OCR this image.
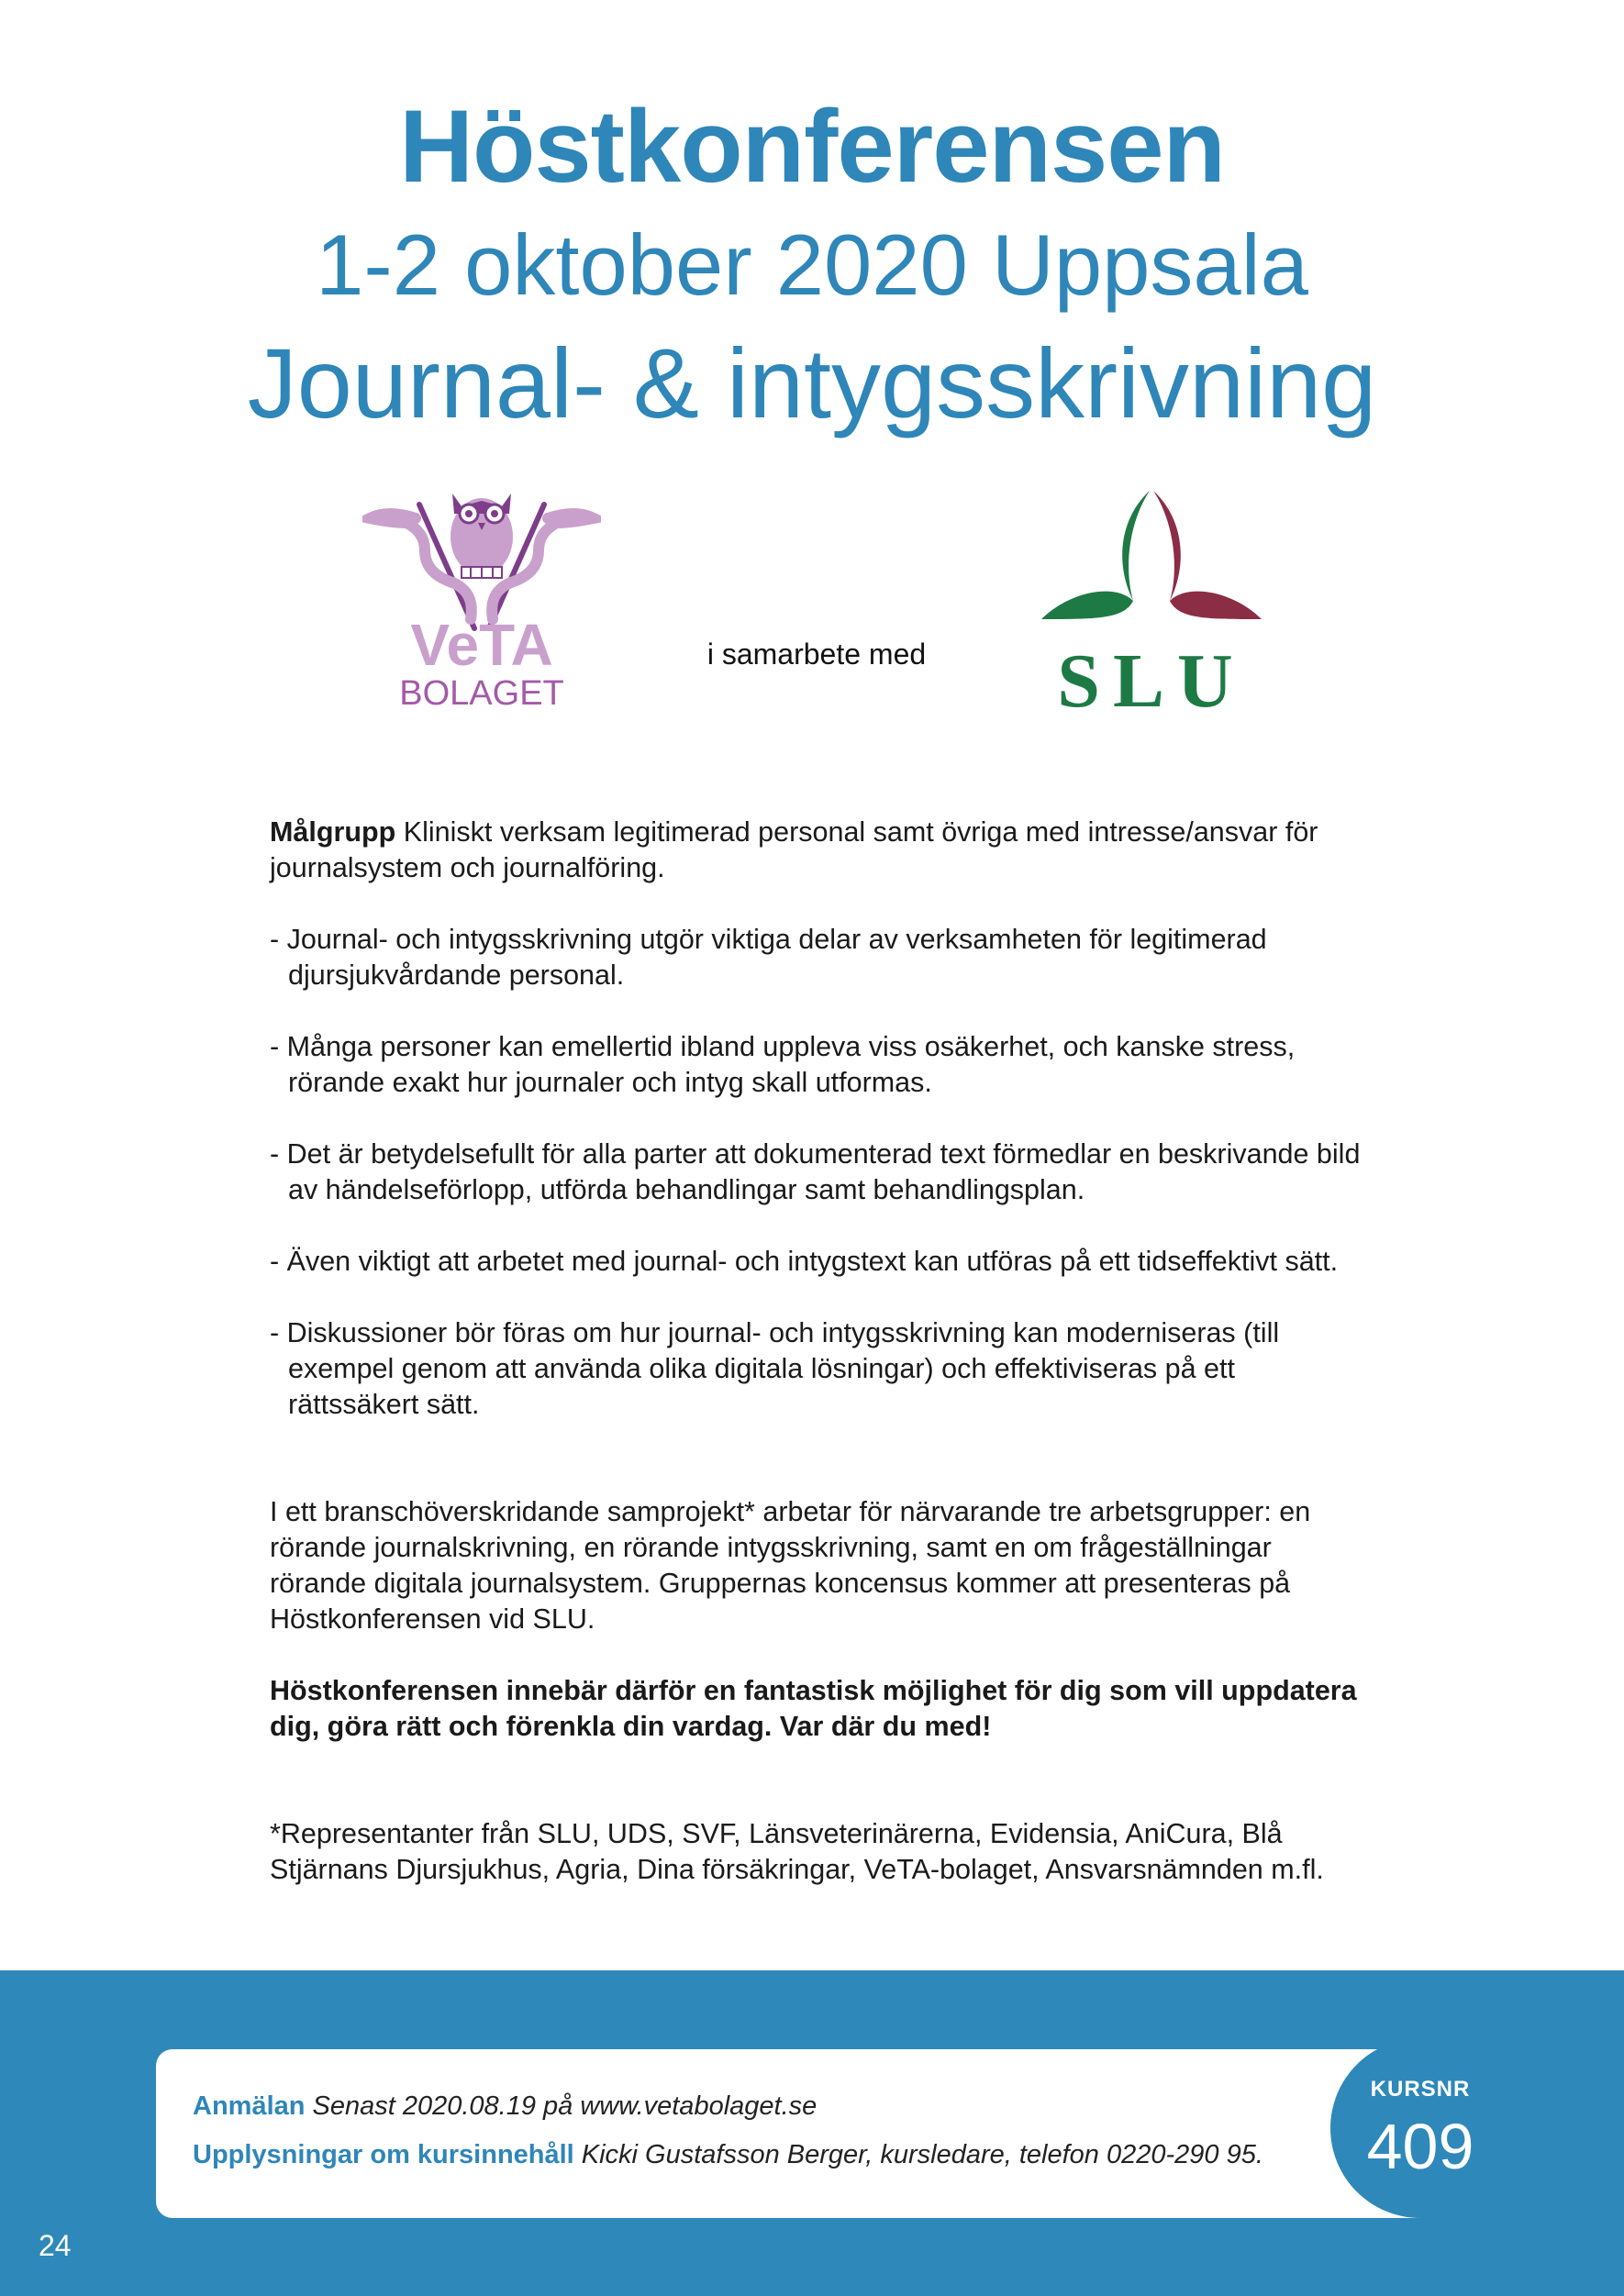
Höstkonferensen
1-2 oktober 2020 Uppsala
Journal- & intygsskrivning
VeTA
BOLAGET
i samarbete med	SLU

Målgrupp Kliniskt verksam legitimerad personal samt övriga med intresse/ansvar för journalsystem och journalföring.

- Journal- och intygsskrivning utgör viktiga delar av verksamheten för legitimerad djursjukvårdande personal.

- Många personer kan emellertid ibland uppleva viss osäkerhet, och kanske stress, rörande exakt hur journaler och intyg skall utformas.

- Det är betydelsefullt för alla parter att dokumenterad text förmedlar en beskrivande bild av händelseförlopp, utförda behandlingar samt behandlingsplan.

- Även viktigt att arbetet med journal- och intygstext kan utföras på ett tidseffektivt sätt.

- Diskussioner bör föras om hur journal- och intygsskrivning kan moderniseras (till exempel genom att använda olika digitala lösningar) och effektiviseras på ett rättssäkert sätt.

I ett branschöverskridande samprojekt* arbetar för närvarande tre arbetsgrupper: en rörande journalskrivning, en rörande intygsskrivning, samt en om frågeställningar rörande digitala journalsystem. Gruppernas koncensus kommer att presenteras på Höstkonferensen vid SLU.

Höstkonferensen innebär därför en fantastisk möjlighet för dig som vill uppdatera dig, göra rätt och förenkla din vardag. Var där du med!

*Representanter från SLU, UDS, SVF, Länsveterinärerna, Evidensia, AniCura, Blå Stjärnans Djursjukhus, Agria, Dina försäkringar, VeTA-bolaget, Ansvarsnämnden m.fl.

Anmälan Senast 2020.08.19 på www.vetabolaget.se
Upplysningar om kursinnehåll Kicki Gustafsson Berger, kursledare, telefon 0220-290 95.
KURSNR
409
24
